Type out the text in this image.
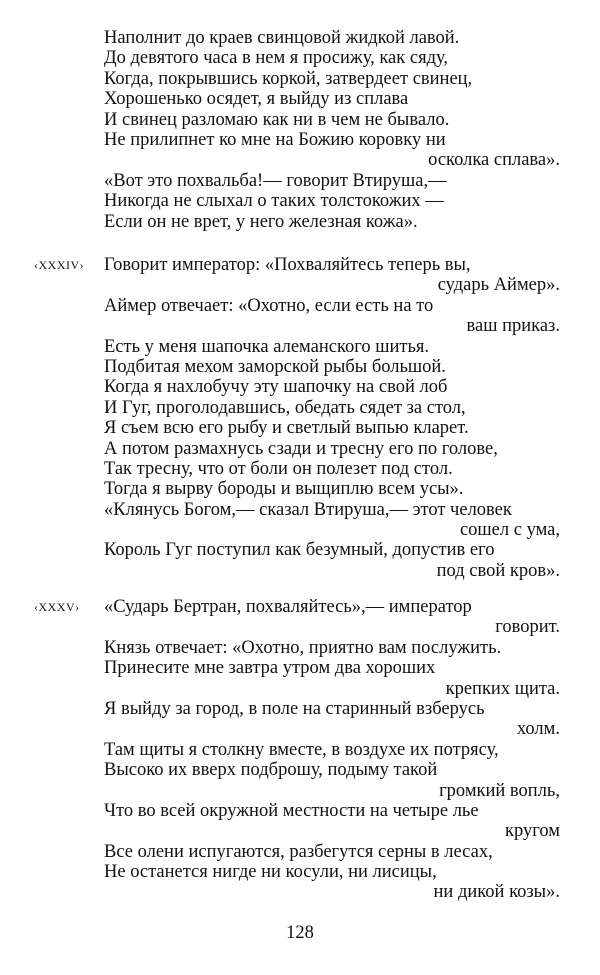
Наполнит до краев свинцовой жидкой лавой.
До девятого часа в нем я просижу, как сяду,
Когда, покрывшись коркой, затвердеет свинец,
Хорошенько осядет, я выйду из сплава
И свинец разломаю как ни в чем не бывало.
Не прилипнет ко мне на Божию коровку ни
осколка сплава».
«Вот это похвальба!— говорит Втируша,—
Никогда не слыхал о таких толстокожих —
Если он не врет, у него железная кожа».
‹XXXIV› Говорит император: «Похваляйтесь теперь вы,
сударь Аймер».
Аймер отвечает: «Охотно, если есть на то
ваш приказ.
Есть у меня шапочка алеманского шитья.
Подбитая мехом заморской рыбы большой.
Когда я нахлобучу эту шапочку на свой лоб
И Гуг, проголодавшись, обедать сядет за стол,
Я съем всю его рыбу и светлый выпью кларет.
А потом размахнусь сзади и тресну его по голове,
Так тресну, что от боли он полезет под стол.
Тогда я вырву бороды и выщиплю всем усы».
«Клянусь Богом,— сказал Втируша,— этот человек
сошел с ума,
Король Гуг поступил как безумный, допустив его
под свой кров».
‹XXXV› «Сударь Бертран, похваляйтесь»,— император
говорит.
Князь отвечает: «Охотно, приятно вам послужить.
Принесите мне завтра утром два хороших
крепких щита.
Я выйду за город, в поле на старинный взберусь
холм.
Там щиты я столкну вместе, в воздухе их потрясу,
Высоко их вверх подброшу, подыму такой
громкий вопль,
Что во всей окружной местности на четыре лье
кругом
Все олени испугаются, разбегутся серны в лесах,
Не останется нигде ни косули, ни лисицы,
ни дикой козы».
128
